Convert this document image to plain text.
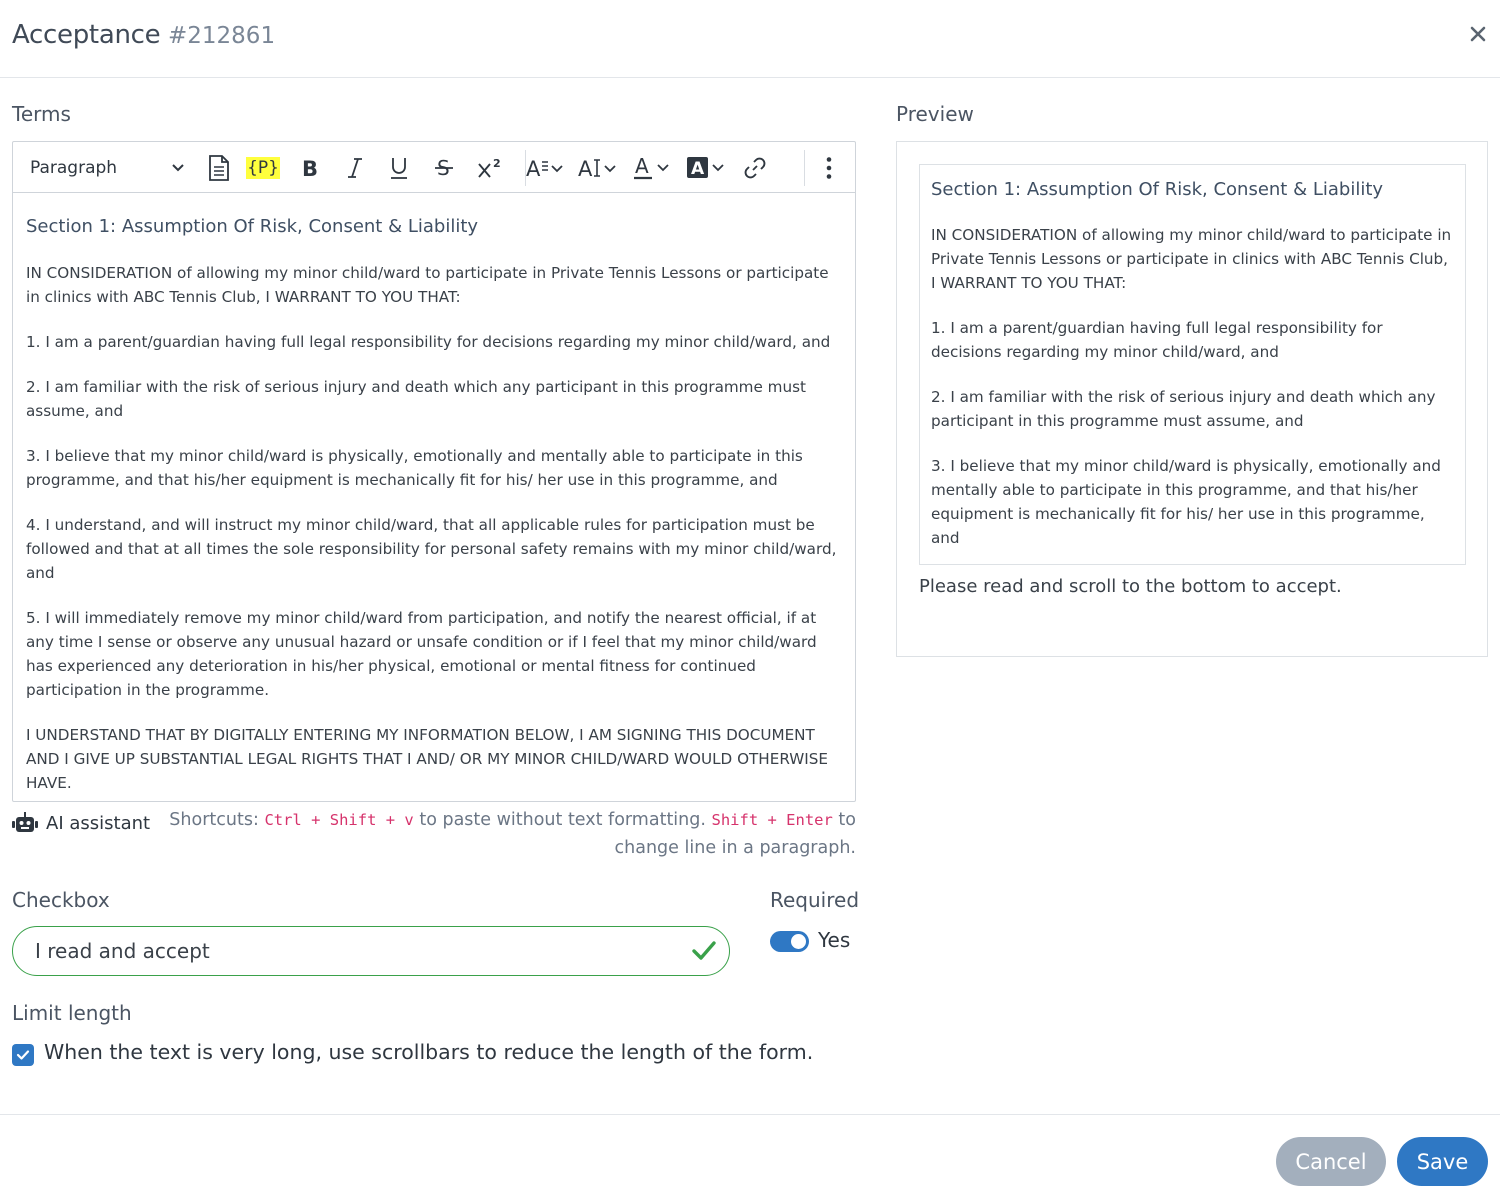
Acceptance #212861
Terms
Paragraph	{P} B	S	2 A A A A
Section 1: Assumption Of Risk, Consent & Liability

IN CONSIDERATION of allowing my minor child/ward to participate in Private Tennis Lessons or participate in clinics with ABC Tennis Club, I WARRANT TO YOU THAT:

1. I am a parent/guardian having full legal responsibility for decisions regarding my minor child/ward, and

2. I am familiar with the risk of serious injury and death which any participant in this programme must assume, and

3. I believe that my minor child/ward is physically, emotionally and mentally able to participate in this programme, and that his/her equipment is mechanically fit for his/ her use in this programme, and

4. I understand, and will instruct my minor child/ward, that all applicable rules for participation must be followed and that at all times the sole responsibility for personal safety remains with my minor child/ward, and

5. I will immediately remove my minor child/ward from participation, and notify the nearest official, if at any time I sense or observe any unusual hazard or unsafe condition or if I feel that my minor child/ward has experienced any deterioration in his/her physical, emotional or mental fitness for continued participation in the programme.

I UNDERSTAND THAT BY DIGITALLY ENTERING MY INFORMATION BELOW, I AM SIGNING THIS DOCUMENT AND I GIVE UP SUBSTANTIAL LEGAL RIGHTS THAT I AND/ OR MY MINOR CHILD/WARD WOULD OTHERWISE HAVE.

AI assistant	Shortcuts: Ctrl + Shift + v to paste without text formatting. Shift + Enter to change line in a paragraph.
Checkbox
I read and accept
Required
Yes
Limit length
When the text is very long, use scrollbars to reduce the length of the form.
Preview
Section 1: Assumption Of Risk, Consent & Liability

IN CONSIDERATION of allowing my minor child/ward to participate in Private Tennis Lessons or participate in clinics with ABC Tennis Club, I WARRANT TO YOU THAT:

1. I am a parent/guardian having full legal responsibility for decisions regarding my minor child/ward, and

2. I am familiar with the risk of serious injury and death which any participant in this programme must assume, and

3. I believe that my minor child/ward is physically, emotionally and mentally able to participate in this programme, and that his/her equipment is mechanically fit for his/ her use in this programme, and

Please read and scroll to the bottom to accept.
Cancel	Save
